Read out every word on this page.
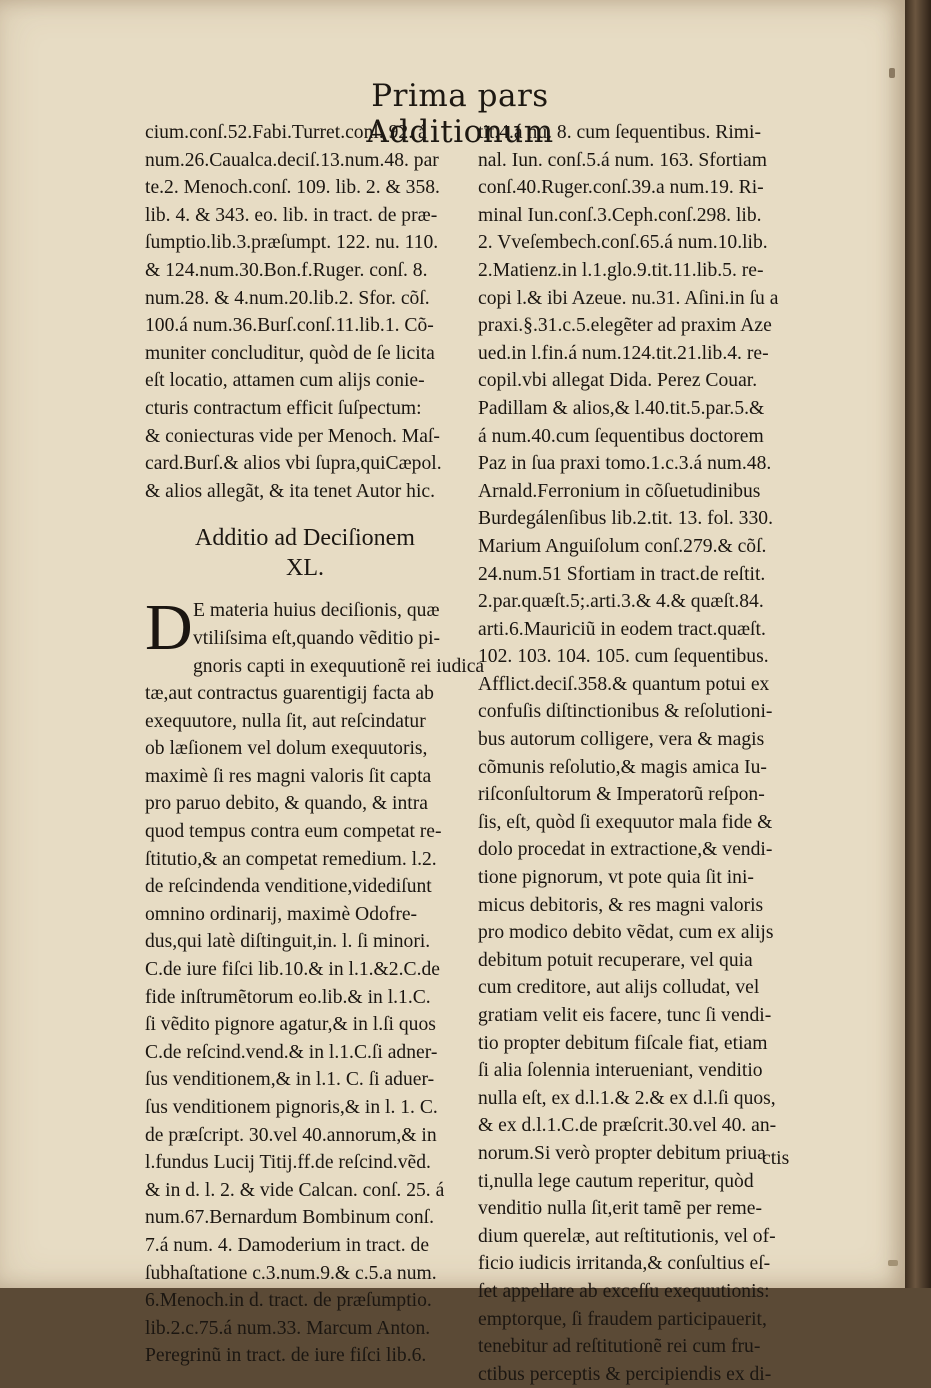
Prima pars Additionum
cium.conſ.52.Fabi.Turret.conſ. 92. á
num.26.Caualca.deciſ.13.num.48. par
te.2. Menoch.conſ. 109. lib. 2. & 358.
lib. 4. & 343. eo. lib. in tract. de præ-
ſumptio.lib.3.præſumpt. 122. nu. 110.
& 124.num.30.Bon.f.Ruger. conſ. 8.
num.28. & 4.num.20.lib.2. Sfor. cõſ.
100.á num.36.Burſ.conſ.11.lib.1. Cõ-
muniter concluditur, quòd de ſe licita
eſt locatio, attamen cum alijs conie-
cturis contractum efficit ſuſpectum:
& coniecturas vide per Menoch. Maſ-
card.Burſ.& alios vbi ſupra,quiCæpol.
& alios allegãt, & ita tenet Autor hic.
Additio ad Deciſionem
XL.
D E materia huius deciſionis, quæ
vtiliſsima eſt,quando vẽditio pi-
gnoris capti in exequutionẽ rei iudica
tæ,aut contractus guarentigij facta ab
exequutore, nulla ſit, aut reſcindatur
ob læſionem vel dolum exequutoris,
maximè ſi res magni valoris ſit capta
pro paruo debito, & quando, & intra
quod tempus contra eum competat re-
ſtitutio,& an competat remedium. l.2.
de reſcindenda venditione,vidediſunt
omnino ordinarij, maximè Odofre-
dus,qui latè diſtinguit,in. l. ſi minori.
C.de iure fiſci lib.10.& in l.1.&2.C.de
fide inſtrumẽtorum eo.lib.& in l.1.C.
ſi vẽdito pignore agatur,& in l.ſi quos
C.de reſcind.vend.& in l.1.C.ſi adner-
ſus venditionem,& in l.1. C. ſi aduer-
ſus venditionem pignoris,& in l. 1. C.
de præſcript. 30.vel 40.annorum,& in
l.fundus Lucij Titij.ff.de reſcind.vẽd.
& in d. l. 2. & vide Calcan. conſ. 25. á
num.67.Bernardum Bombinum conſ.
7.á num. 4. Damoderium in tract. de
ſubhaſtatione c.3.num.9.& c.5.a num.
6.Menoch.in d. tract. de præſumptio.
lib.2.c.75.á num.33. Marcum Anton.
Peregrinũ in tract. de iure fiſci lib.6.
tit.4.á nu. 8. cum ſequentibus. Rimi-
nal. Iun. conſ.5.á num. 163. Sfortiam
conſ.40.Ruger.conſ.39.a num.19. Ri-
minal Iun.conſ.3.Ceph.conſ.298. lib.
2. Vveſembech.conſ.65.á num.10.lib.
2.Matienz.in l.1.glo.9.tit.11.lib.5. re-
copi l.& ibi Azeue. nu.31. Aſini.in ſu a
praxi.§.31.c.5.elegẽter ad praxim Aze
ued.in l.fin.á num.124.tit.21.lib.4. re-
copil.vbi allegat Dida. Perez Couar.
Padillam & alios,& l.40.tit.5.par.5.&
á num.40.cum ſequentibus doctorem
Paz in ſua praxi tomo.1.c.3.á num.48.
Arnald.Ferronium in cõſuetudinibus
Burdegálenſibus lib.2.tit. 13. fol. 330.
Marium Anguiſolum conſ.279.& cõſ.
24.num.51 Sfortiam in tract.de reſtit.
2.par.quæſt.5;.arti.3.& 4.& quæſt.84.
arti.6.Mauriciũ in eodem tract.quæſt.
102. 103. 104. 105. cum ſequentibus.
Afflict.deciſ.358.& quantum potui ex
confuſis diſtinctionibus & reſolutioni-
bus autorum colligere, vera & magis
cõmunis reſolutio,& magis amica Iu-
riſconſultorum & Imperatorũ reſpon-
ſis, eſt, quòd ſi exequutor mala fide &
dolo procedat in extractione,& vendi-
tione pignorum, vt pote quia ſit ini-
micus debitoris, & res magni valoris
pro modico debito vẽdat, cum ex alijs
debitum potuit recuperare, vel quia
cum creditore, aut alijs colludat, vel
gratiam velit eis facere, tunc ſi vendi-
tio propter debitum fiſcale fiat, etiam
ſi alia ſolennia interueniant, venditio
nulla eſt, ex d.l.1.& 2.& ex d.l.ſi quos,
& ex d.l.1.C.de præſcrit.30.vel 40. an-
norum.Si verò propter debitum priua
ti,nulla lege cautum reperitur, quòd
venditio nulla ſit,erit tamẽ per reme-
dium querelæ, aut reſtitutionis, vel of-
ficio iudicis irritanda,& conſultius eſ-
ſet appellare ab exceſſu exequutionis:
emptorque, ſi fraudem participauerit,
tenebitur ad reſtitutionẽ rei cum fru-
ctibus perceptis & percipiendis ex di-
ctis
